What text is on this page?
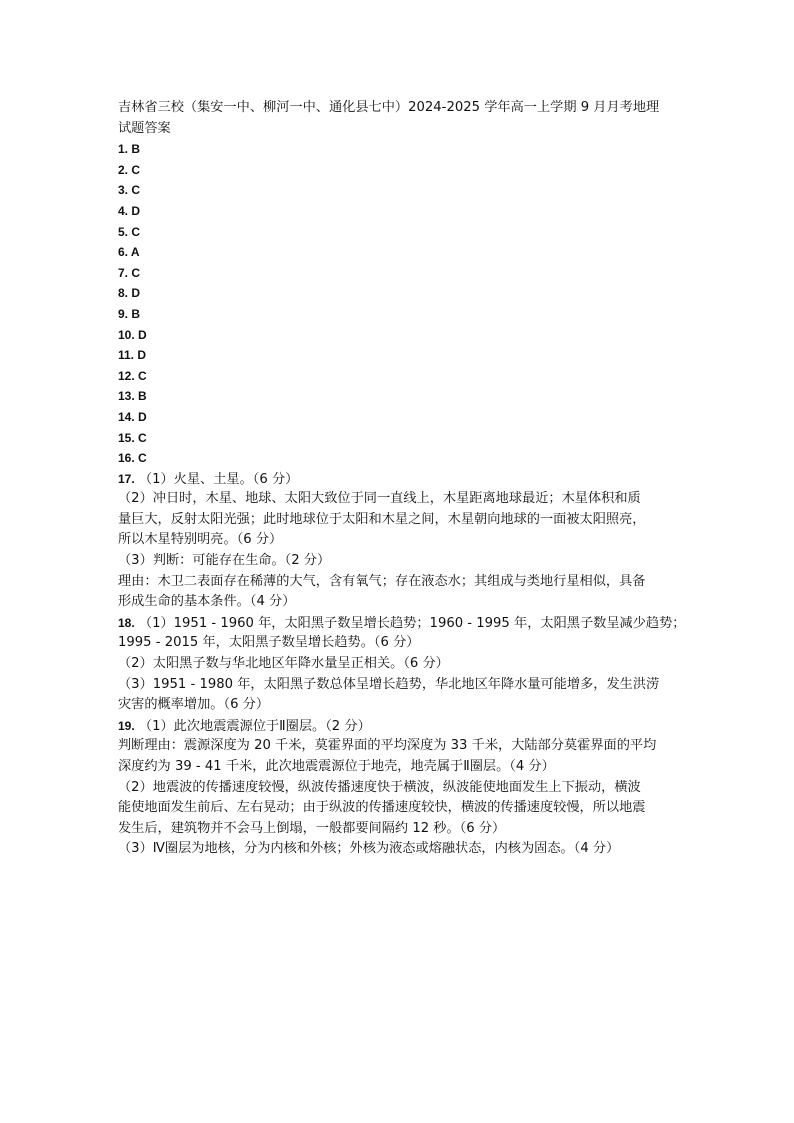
吉林省三校（集安一中、柳河一中、通化县七中）2024-2025 学年高一上学期 9 月月考地理
试题答案
1. B
2. C
3. C
4. D
5. C
6. A
7. C
8. D
9. B
10. D
11. D
12. C
13. B
14. D
15. C
16. C
17. （1）火星、土星。（6 分）
（2）冲日时，木星、地球、太阳大致位于同一直线上，木星距离地球最近；木星体积和质
量巨大，反射太阳光强；此时地球位于太阳和木星之间，木星朝向地球的一面被太阳照亮，
所以木星特别明亮。（6 分）
（3）判断：可能存在生命。（2 分）
理由：木卫二表面存在稀薄的大气，含有氧气；存在液态水；其组成与类地行星相似，具备
形成生命的基本条件。（4 分）
18. （1）1951 - 1960 年，太阳黑子数呈增长趋势；1960 - 1995 年，太阳黑子数呈减少趋势；
1995 - 2015 年，太阳黑子数呈增长趋势。（6 分）
（2）太阳黑子数与华北地区年降水量呈正相关。（6 分）
（3）1951 - 1980 年，太阳黑子数总体呈增长趋势，华北地区年降水量可能增多，发生洪涝
灾害的概率增加。（6 分）
19. （1）此次地震震源位于Ⅱ圈层。（2 分）
判断理由：震源深度为 20 千米，莫霍界面的平均深度为 33 千米，大陆部分莫霍界面的平均
深度约为 39 - 41 千米，此次地震震源位于地壳，地壳属于Ⅱ圈层。（4 分）
（2）地震波的传播速度较慢，纵波传播速度快于横波，纵波能使地面发生上下振动，横波
能使地面发生前后、左右晃动；由于纵波的传播速度较快，横波的传播速度较慢，所以地震
发生后，建筑物并不会马上倒塌，一般都要间隔约 12 秒。（6 分）
（3）Ⅳ圈层为地核，分为内核和外核；外核为液态或熔融状态，内核为固态。（4 分）
